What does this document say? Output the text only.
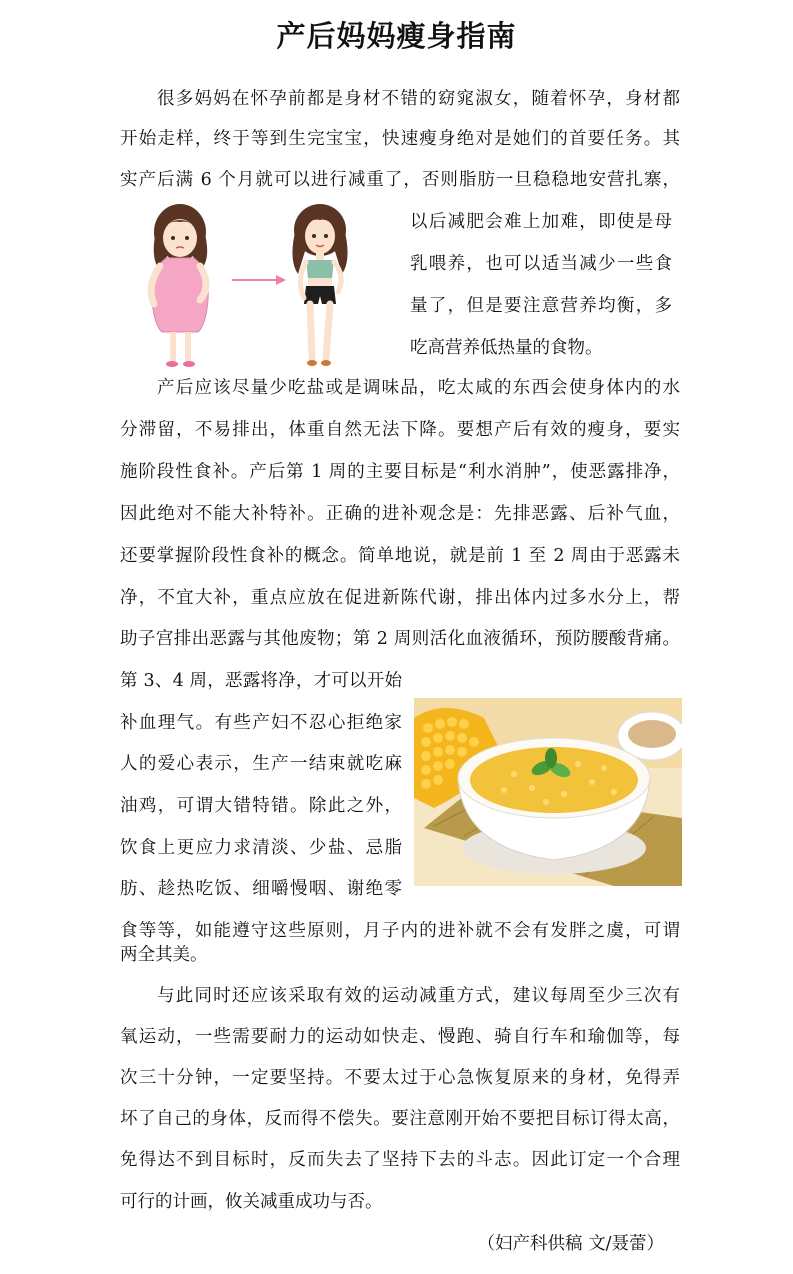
产后妈妈瘦身指南
很多妈妈在怀孕前都是身材不错的窈窕淑女，随着怀孕，身材都
开始走样，终于等到生完宝宝，快速瘦身绝对是她们的首要任务。其
实产后满 6 个月就可以进行减重了，否则脂肪一旦稳稳地安营扎寨，
以后减肥会难上加难，即使是母
乳喂养，也可以适当减少一些食
量了，但是要注意营养均衡，多
吃高营养低热量的食物。
产后应该尽量少吃盐或是调味品，吃太咸的东西会使身体内的水
分滞留，不易排出，体重自然无法下降。要想产后有效的瘦身，要实
施阶段性食补。产后第 1 周的主要目标是“利水消肿”，使恶露排净，
因此绝对不能大补特补。正确的进补观念是：先排恶露、后补气血，
还要掌握阶段性食补的概念。简单地说，就是前 1 至 2 周由于恶露未
净，不宜大补，重点应放在促进新陈代谢，排出体内过多水分上，帮
助子宫排出恶露与其他废物；第 2 周则活化血液循环，预防腰酸背痛。
第 3、4 周，恶露将净，才可以开始
补血理气。有些产妇不忍心拒绝家
人的爱心表示，生产一结束就吃麻
油鸡，可谓大错特错。除此之外，
饮食上更应力求清淡、少盐、忌脂
肪、趁热吃饭、细嚼慢咽、谢绝零
食等等，如能遵守这些原则，月子内的进补就不会有发胖之虞，可谓
两全其美。
与此同时还应该采取有效的运动减重方式，建议每周至少三次有
氧运动，一些需要耐力的运动如快走、慢跑、骑自行车和瑜伽等，每
次三十分钟，一定要坚持。不要太过于心急恢复原来的身材，免得弄
坏了自己的身体，反而得不偿失。要注意刚开始不要把目标订得太高，
免得达不到目标时，反而失去了坚持下去的斗志。因此订定一个合理
可行的计画，攸关减重成功与否。
（妇产科供稿 文/聂蕾）
